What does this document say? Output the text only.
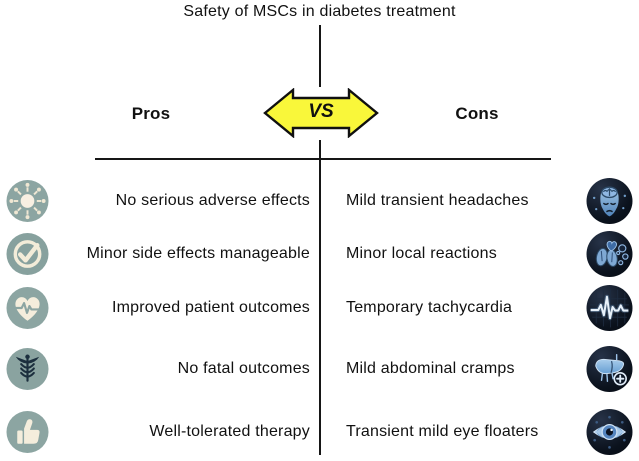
Safety of MSCs in diabetes treatment
Pros	Cons
VS
No serious adverse effects Mild transient headaches
Minor side effects manageable Minor local reactions
Improved patient outcomes Temporary tachycardia
No fatal outcomes Mild abdominal cramps
Well-tolerated therapy Transient mild eye floaters
